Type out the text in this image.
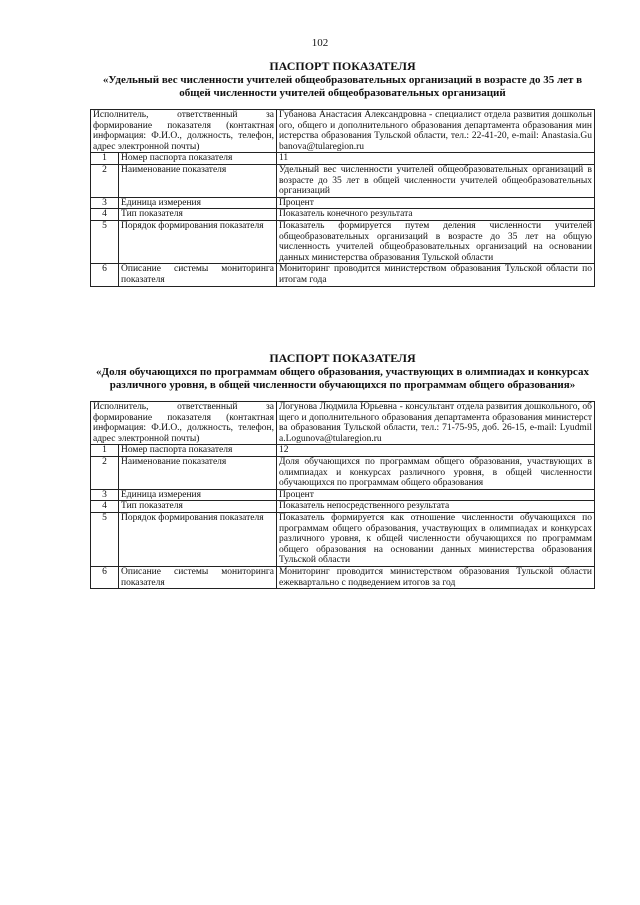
102
ПАСПОРТ ПОКАЗАТЕЛЯ
«Удельный вес численности учителей общеобразовательных организаций в возрасте до 35 лет в общей численности учителей общеобразовательных организаций
Исполнитель, ответственный за формирование показателя (контактная информация: Ф.И.О., должность, телефон, адрес электронной почты)		Губанова Анастасия Александровна - специалист отдела развития дошкольного, общего и дополнительного образования департамента образования министерства образования Тульской области, тел.: 22-41-20, e-mail: Anastasia.Gubanova@tularegion.ru
1	Номер паспорта показателя	11
2	Наименование показателя	Удельный вес численности учителей общеобразовательных организаций в возрасте до 35 лет в общей численности учителей общеобразовательных организаций
3	Единица измерения	Процент
4	Тип показателя	Показатель конечного результата
5	Порядок формирования показателя	Показатель формируется путем деления численности учителей общеобразовательных организаций в возрасте до 35 лет на общую численность учителей общеобразовательных организаций на основании данных министерства образования Тульской области
6	Описание системы мониторинга показателя	Мониторинг проводится министерством образования Тульской области по итогам года
ПАСПОРТ ПОКАЗАТЕЛЯ
«Доля обучающихся по программам общего образования, участвующих в олимпиадах и конкурсах различного уровня, в общей численности обучающихся по программам общего образования»
Исполнитель, ответственный за формирование показателя (контактная информация: Ф.И.О., должность, телефон, адрес электронной почты)		Логунова Людмила Юрьевна - консультант отдела развития дошкольного, общего и дополнительного образования департамента образования министерства образования Тульской области, тел.: 71-75-95, доб. 26-15, e-mail: Lyudmila.Logunova@tularegion.ru
1	Номер паспорта показателя	12
2	Наименование показателя	Доля обучающихся по программам общего образования, участвующих в олимпиадах и конкурсах различного уровня, в общей численности обучающихся по программам общего образования
3	Единица измерения	Процент
4	Тип показателя	Показатель непосредственного результата
5	Порядок формирования показателя	Показатель формируется как отношение численности обучающихся по программам общего образования, участвующих в олимпиадах и конкурсах различного уровня, к общей численности обучающихся по программам общего образования на основании данных министерства образования Тульской области
6	Описание системы мониторинга показателя	Мониторинг проводится министерством образования Тульской области ежеквартально с подведением итогов за год
